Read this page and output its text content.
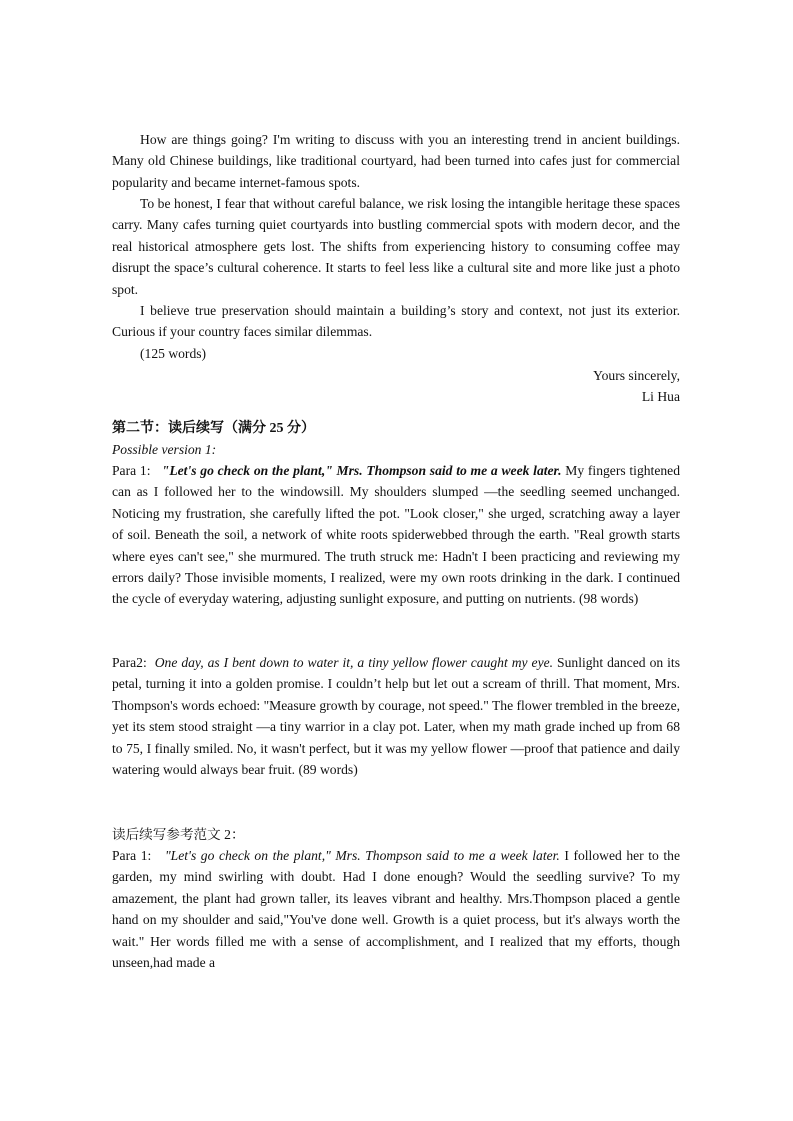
How are things going? I'm writing to discuss with you an interesting trend in ancient buildings. Many old Chinese buildings, like traditional courtyard, had been turned into cafes just for commercial popularity and became internet-famous spots.

To be honest, I fear that without careful balance, we risk losing the intangible heritage these spaces carry. Many cafes turning quiet courtyards into bustling commercial spots with modern decor, and the real historical atmosphere gets lost. The shifts from experiencing history to consuming coffee may disrupt the space’s cultural coherence. It starts to feel less like a cultural site and more like just a photo spot.

I believe true preservation should maintain a building’s story and context, not just its exterior. Curious if your country faces similar dilemmas.

(125 words)

Yours sincerely,
Li Hua
第二节：读后续写（满分 25 分）
Possible version 1:

Para 1: "Let's go check on the plant," Mrs. Thompson said to me a week later. My fingers tightened can as I followed her to the windowsill. My shoulders slumped —the seedling seemed unchanged. Noticing my frustration, she carefully lifted the pot. "Look closer," she urged, scratching away a layer of soil. Beneath the soil, a network of white roots spiderwebbed through the earth. "Real growth starts where eyes can't see," she murmured. The truth struck me: Hadn't I been practicing and reviewing my errors daily? Those invisible moments, I realized, were my own roots drinking in the dark. I continued the cycle of everyday watering, adjusting sunlight exposure, and putting on nutrients. (98 words)

Para2: One day, as I bent down to water it, a tiny yellow flower caught my eye. Sunlight danced on its petal, turning it into a golden promise. I couldn’t help but let out a scream of thrill. That moment, Mrs. Thompson's words echoed: "Measure growth by courage, not speed." The flower trembled in the breeze, yet its stem stood straight —a tiny warrior in a clay pot. Later, when my math grade inched up from 68 to 75, I finally smiled. No, it wasn't perfect, but it was my yellow flower —proof that patience and daily watering would always bear fruit. (89 words)

读后续写参考范文 2：

Para 1: "Let's go check on the plant," Mrs. Thompson said to me a week later. I followed her to the garden, my mind swirling with doubt. Had I done enough? Would the seedling survive? To my amazement, the plant had grown taller, its leaves vibrant and healthy. Mrs.Thompson placed a gentle hand on my shoulder and said,"You've done well. Growth is a quiet process, but it's always worth the wait." Her words filled me with a sense of accomplishment, and I realized that my efforts, though unseen,had made a
